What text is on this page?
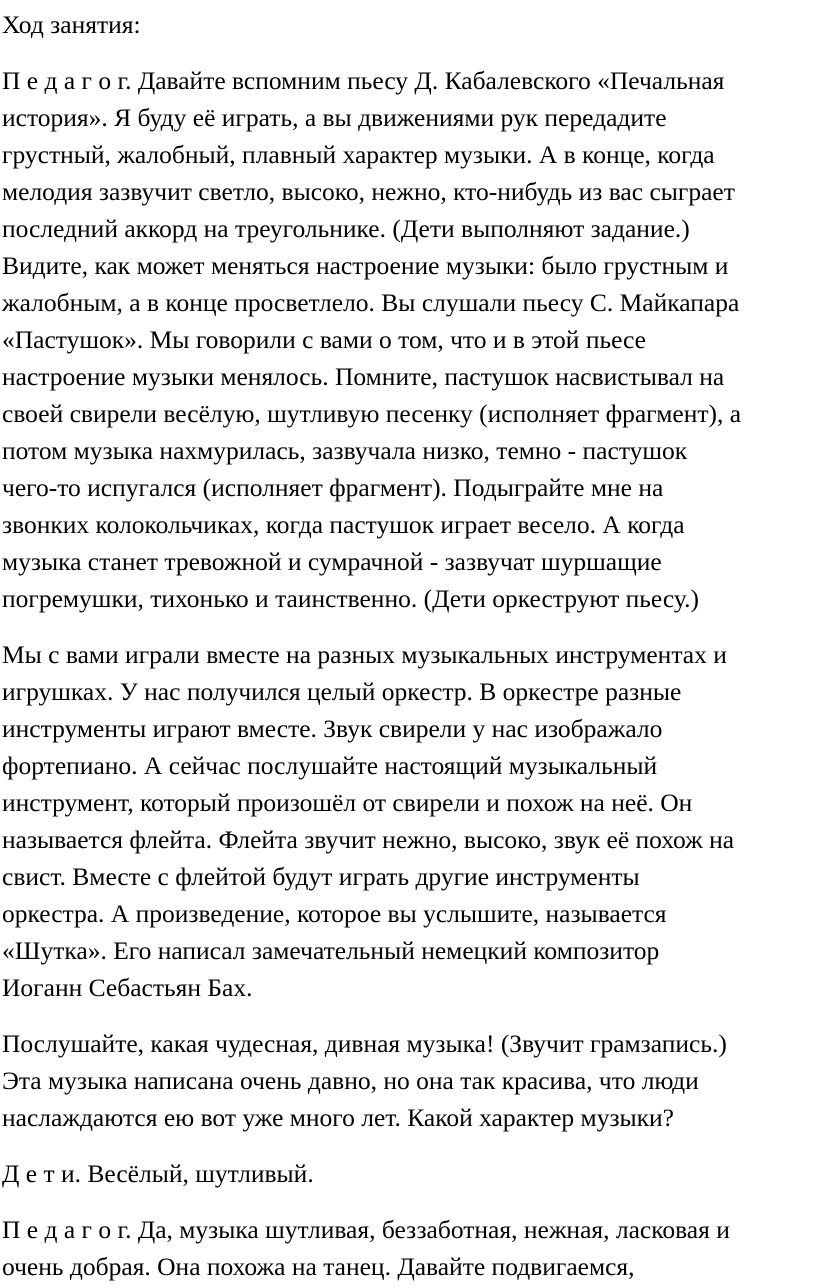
Ход занятия:
П е д а г о г. Давайте вспомним пьесу Д. Кабалевского «Печальная
история». Я буду её играть, а вы движениями рук передадите
грустный, жалобный, плавный характер музыки. А в конце, когда
мелодия зазвучит светло, высоко, нежно, кто-нибудь из вас сыграет
последний аккорд на треугольнике. (Дети выполняют задание.)
Видите, как может меняться настроение музыки: было грустным и
жалобным, а в конце просветлело. Вы слушали пьесу С. Майкапара
«Пастушок». Мы говорили с вами о том, что и в этой пьесе
настроение музыки менялось. Помните, пастушок насвистывал на
своей свирели весёлую, шутливую песенку (исполняет фрагмент), а
потом музыка нахмурилась, зазвучала низко, темно - пастушок
чего-то испугался (исполняет фрагмент). Подыграйте мне на
звонких колокольчиках, когда пастушок играет весело. А когда
музыка станет тревожной и сумрачной - зазвучат шуршащие
погремушки, тихонько и таинственно. (Дети оркеструют пьесу.)
Мы с вами играли вместе на разных музыкальных инструментах и
игрушках. У нас получился целый оркестр. В оркестре разные
инструменты играют вместе. Звук свирели у нас изображало
фортепиано. А сейчас послушайте настоящий музыкальный
инструмент, который произошёл от свирели и похож на неё. Он
называется флейта. Флейта звучит нежно, высоко, звук её похож на
свист. Вместе с флейтой будут играть другие инструменты
оркестра. А произведение, которое вы услышите, называется
«Шутка». Его написал замечательный немецкий композитор
Иоганн Себастьян Бах.
Послушайте, какая чудесная, дивная музыка! (Звучит грамзапись.)
Эта музыка написана очень давно, но она так красива, что люди
наслаждаются ею вот уже много лет. Какой характер музыки?
Д е т и. Весёлый, шутливый.
П е д а г о г. Да, музыка шутливая, беззаботная, нежная, ласковая и
очень добрая. Она похожа на танец. Давайте подвигаемся,
